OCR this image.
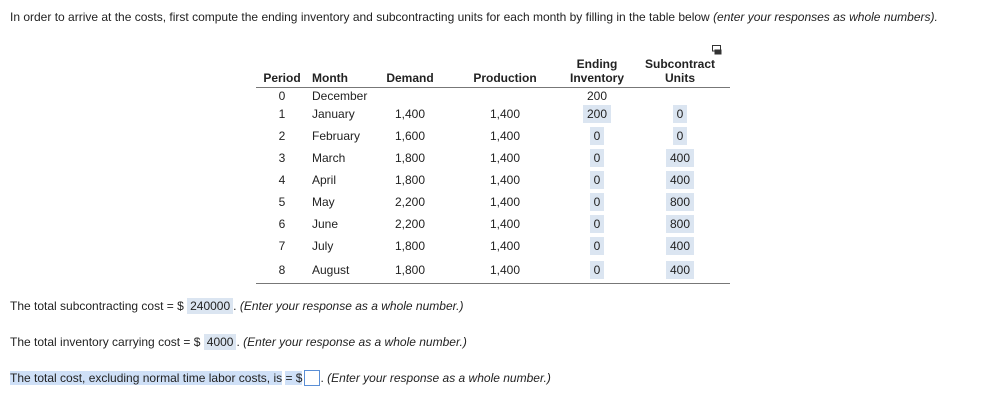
In order to arrive at the costs, first compute the ending inventory and subcontracting units for each month by filling in the table below (enter your responses as whole numbers).
Period	Month	Demand	Production	Ending
Inventory	Subcontract
Units
0	December			200	
1	January	1,400	1,400	200	0
2	February	1,600	1,400	0	0
3	March	1,800	1,400	0	400
4	April	1,800	1,400	0	400
5	May	2,200	1,400	0	800
6	June	2,200	1,400	0	800
7	July	1,800	1,400	0	400
8	August	1,800	1,400	0	400
The total subcontracting cost = $ 240000 . (Enter your response as a whole number.)
The total inventory carrying cost = $ 4000 . (Enter your response as a whole number.)
The total cost, excluding normal time labor costs, is = $ . (Enter your response as a whole number.)
